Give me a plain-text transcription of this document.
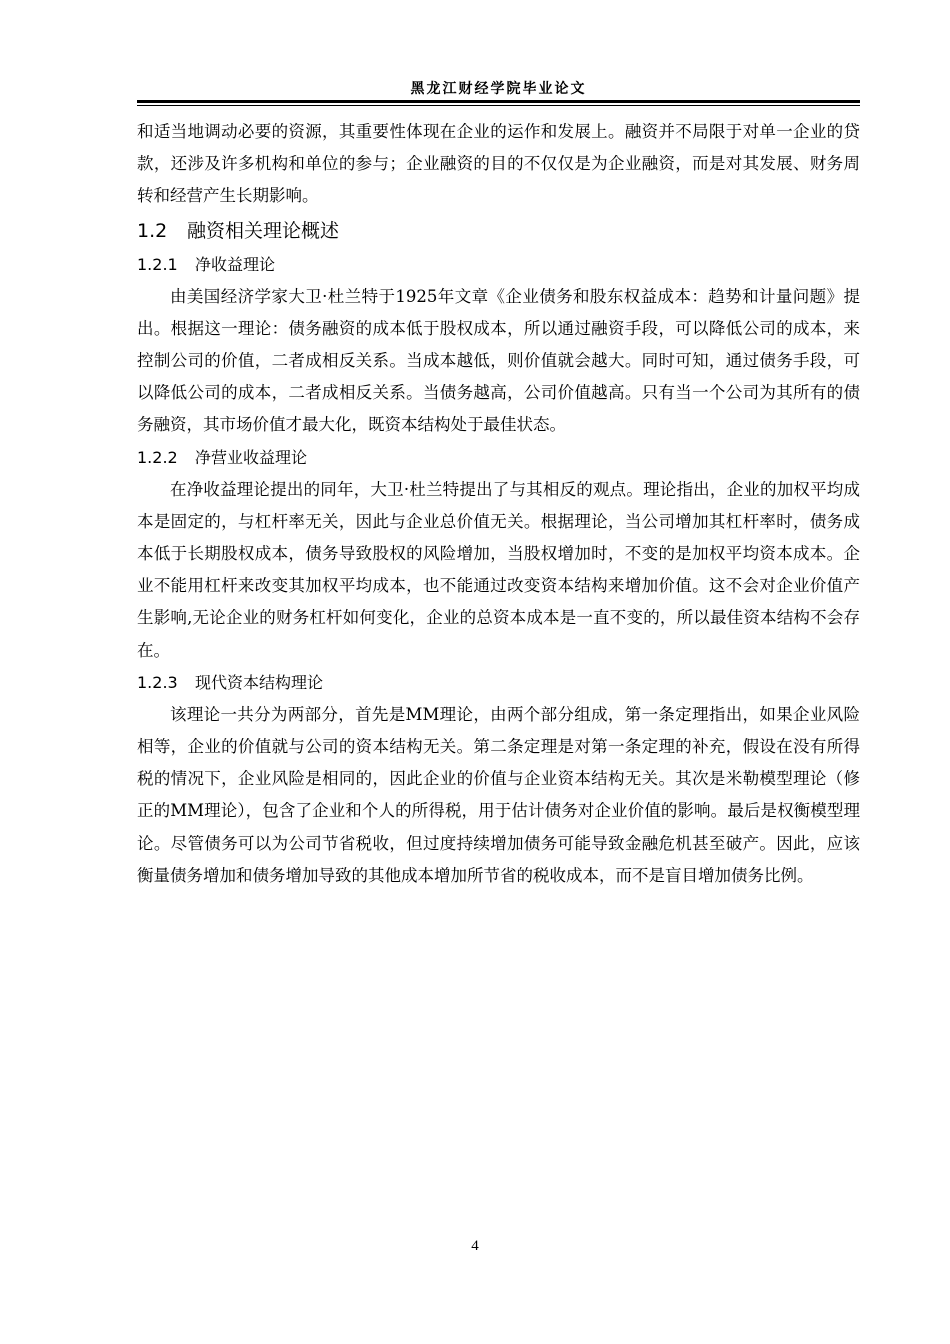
黑龙江财经学院毕业论文

和适当地调动必要的资源，其重要性体现在企业的运作和发展上。融资并不局限于对单一企业的贷款，还涉及许多机构和单位的参与；企业融资的目的不仅仅是为企业融资，而是对其发展、财务周转和经营产生长期影响。

1.2 融资相关理论概述
1.2.1 净收益理论

由美国经济学家大卫·杜兰特于1925年文章《企业债务和股东权益成本：趋势和计量问题》提出。根据这一理论：债务融资的成本低于股权成本，所以通过融资手段，可以降低公司的成本，来控制公司的价值，二者成相反关系。当成本越低，则价值就会越大。同时可知，通过债务手段，可以降低公司的成本，二者成相反关系。当债务越高，公司价值越高。只有当一个公司为其所有的债务融资，其市场价值才最大化，既资本结构处于最佳状态。

1.2.2 净营业收益理论

在净收益理论提出的同年，大卫·杜兰特提出了与其相反的观点。理论指出，企业的加权平均成本是固定的，与杠杆率无关，因此与企业总价值无关。根据理论，当公司增加其杠杆率时，债务成本低于长期股权成本，债务导致股权的风险增加，当股权增加时，不变的是加权平均资本成本。企业不能用杠杆来改变其加权平均成本，也不能通过改变资本结构来增加价值。这不会对企业价值产生影响,无论企业的财务杠杆如何变化，企业的总资本成本是一直不变的，所以最佳资本结构不会存在。

1.2.3 现代资本结构理论

该理论一共分为两部分，首先是MM理论，由两个部分组成，第一条定理指出，如果企业风险相等，企业的价值就与公司的资本结构无关。第二条定理是对第一条定理的补充，假设在没有所得税的情况下，企业风险是相同的，因此企业的价值与企业资本结构无关。其次是米勒模型理论（修正的MM理论），包含了企业和个人的所得税，用于估计债务对企业价值的影响。最后是权衡模型理论。尽管债务可以为公司节省税收，但过度持续增加债务可能导致金融危机甚至破产。因此，应该衡量债务增加和债务增加导致的其他成本增加所节省的税收成本，而不是盲目增加债务比例。

4
